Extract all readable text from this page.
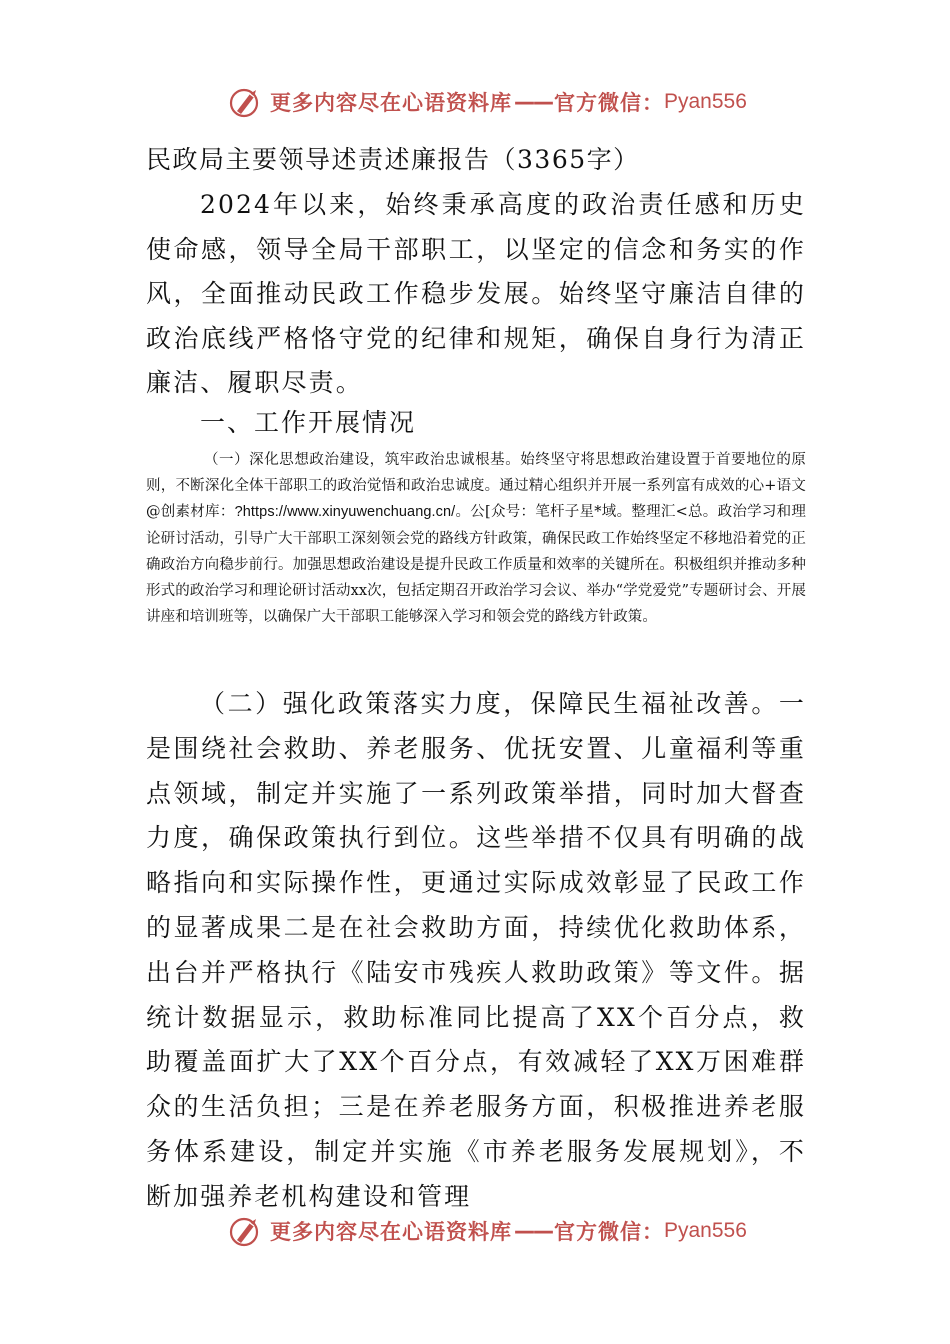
更多内容尽在心语资料库 —— 官方微信： Pyan556
民政局主要领导述责述廉报告（3365字）

2024年以来，始终秉承高度的政治责任感和历史使命感，领导全局干部职工，以坚定的信念和务实的作风，全面推动民政工作稳步发展。始终坚守廉洁自律的政治底线严格恪守党的纪律和规矩，确保自身行为清正廉洁、履职尽责。

一、工作开展情况

（一）深化思想政治建设，筑牢政治忠诚根基。始终坚守将思想政治建设置于首要地位的原则，不断深化全体干部职工的政治觉悟和政治忠诚度。通过精心组织并开展一系列富有成效的心+语文@创素材库：?https://www.xinyuwenchuang.cn/。公[众号：笔杆子星*域。整理汇<总。政治学习和理论研讨活动，引导广大干部职工深刻领会党的路线方针政策，确保民政工作始终坚定不移地沿着党的正确政治方向稳步前行。加强思想政治建设是提升民政工作质量和效率的关键所在。积极组织并推动多种形式的政治学习和理论研讨活动xx次，包括定期召开政治学习会议、举办“学党爱党”专题研讨会、开展讲座和培训班等，以确保广大干部职工能够深入学习和领会党的路线方针政策。

（二）强化政策落实力度，保障民生福祉改善。一是围绕社会救助、养老服务、优抚安置、儿童福利等重点领域，制定并实施了一系列政策举措，同时加大督查力度，确保政策执行到位。这些举措不仅具有明确的战略指向和实际操作性，更通过实际成效彰显了民政工作的显著成果二是在社会救助方面，持续优化救助体系，出台并严格执行《陆安市残疾人救助政策》等文件。据统计数据显示，救助标准同比提高了XX个百分点，救助覆盖面扩大了XX个百分点，有效减轻了XX万困难群众的生活负担；三是在养老服务方面，积极推进养老服务体系建设，制定并实施《市养老服务发展规划》，不断加强养老机构建设和管理

更多内容尽在心语资料库 —— 官方微信： Pyan556
